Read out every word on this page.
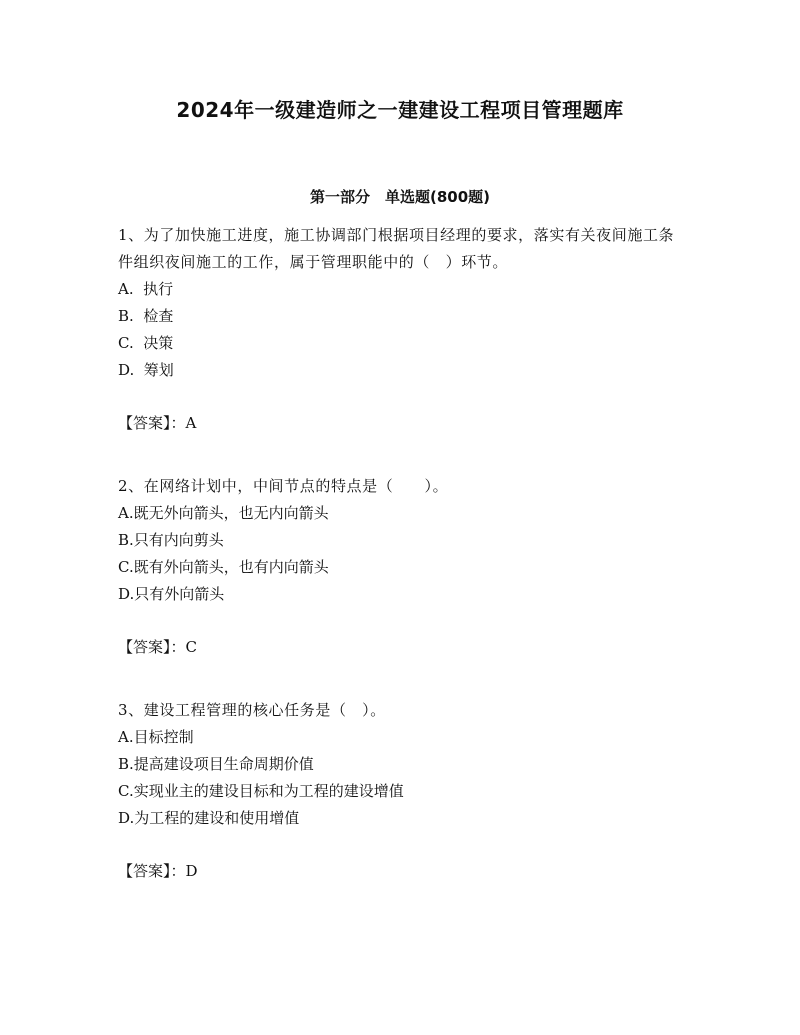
2024年一级建造师之一建建设工程项目管理题库
第一部分　单选题(800题)

1、为了加快施工进度，施工协调部门根据项目经理的要求，落实有关夜间施工条件组织夜间施工的工作，属于管理职能中的（　）环节。

A.  执行

B.  检查

C.  决策

D.  筹划

【答案】：A

2、在网络计划中，中间节点的特点是（　　）。

A.既无外向箭头，也无内向箭头

B.只有内向剪头

C.既有外向箭头，也有内向箭头

D.只有外向箭头

【答案】：C

3、建设工程管理的核心任务是（　）。

A.目标控制

B.提高建设项目生命周期价值

C.实现业主的建设目标和为工程的建设增值

D.为工程的建设和使用增值

【答案】：D
